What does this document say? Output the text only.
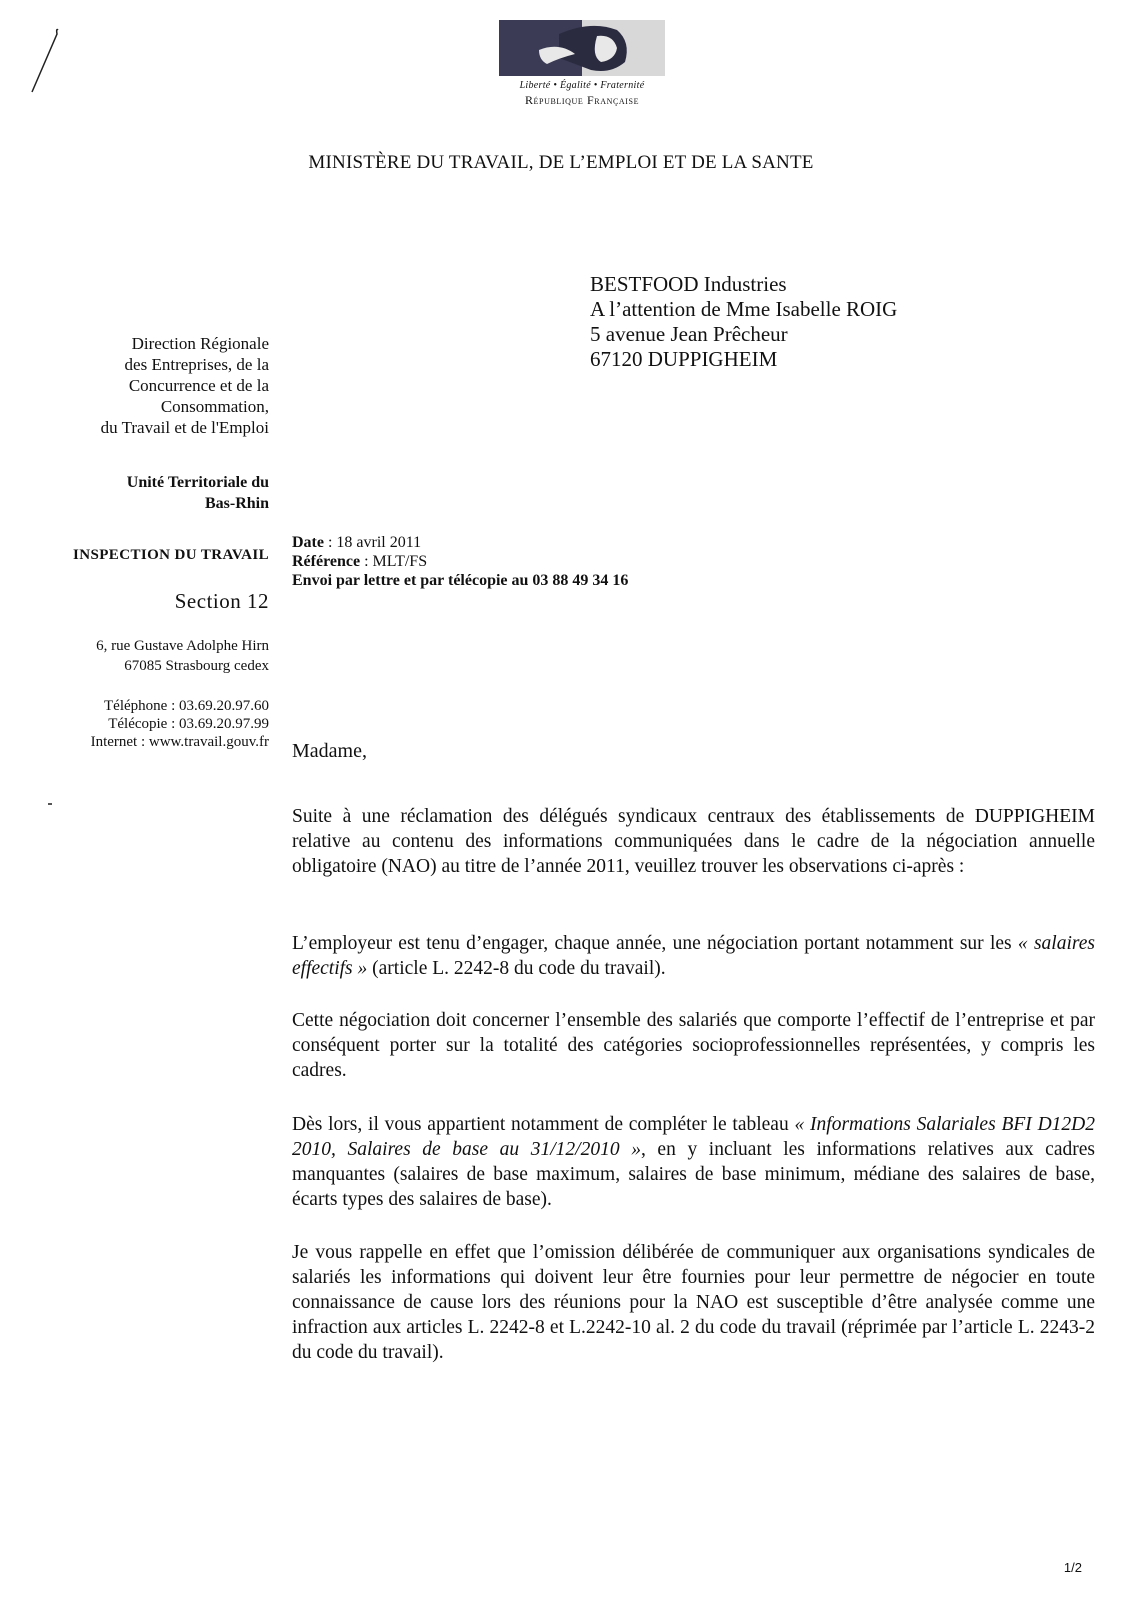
Liberté • Égalité • Fraternité
République Française
MINISTÈRE DU TRAVAIL, DE L’EMPLOI ET DE LA SANTE
Direction Régionale
des Entreprises, de la
Concurrence et de la
Consommation,
du Travail et de l'Emploi
Unité Territoriale du
Bas-Rhin
INSPECTION DU TRAVAIL
Section 12
6, rue Gustave Adolphe Hirn
67085 Strasbourg cedex
Téléphone : 03.69.20.97.60
Télécopie : 03.69.20.97.99
Internet : www.travail.gouv.fr
BESTFOOD Industries
A l’attention de Mme Isabelle ROIG
5 avenue Jean Prêcheur
67120 DUPPIGHEIM
Date : 18 avril 2011
Référence : MLT/FS
Envoi par lettre et par télécopie au 03 88 49 34 16
Madame,
Suite à une réclamation des délégués syndicaux centraux des établissements de DUPPIGHEIM relative au contenu des informations communiquées dans le cadre de la négociation annuelle obligatoire (NAO) au titre de l’année 2011, veuillez trouver les observations ci-après :
L’employeur est tenu d’engager, chaque année, une négociation portant notamment sur les « salaires effectifs » (article L. 2242-8 du code du travail).
Cette négociation doit concerner l’ensemble des salariés que comporte l’effectif de l’entreprise et par conséquent porter sur la totalité des catégories socioprofessionnelles représentées, y compris les cadres.
Dès lors, il vous appartient notamment de compléter le tableau « Informations Salariales BFI D12D2 2010, Salaires de base au 31/12/2010 », en y incluant les informations relatives aux cadres manquantes (salaires de base maximum, salaires de base minimum, médiane des salaires de base, écarts types des salaires de base).
Je vous rappelle en effet que l’omission délibérée de communiquer aux organisations syndicales de salariés les informations qui doivent leur être fournies pour leur permettre de négocier en toute connaissance de cause lors des réunions pour la NAO est susceptible d’être analysée comme une infraction aux articles L. 2242-8 et L.2242-10 al. 2 du code du travail (réprimée par l’article L. 2243-2 du code du travail).
1/2
